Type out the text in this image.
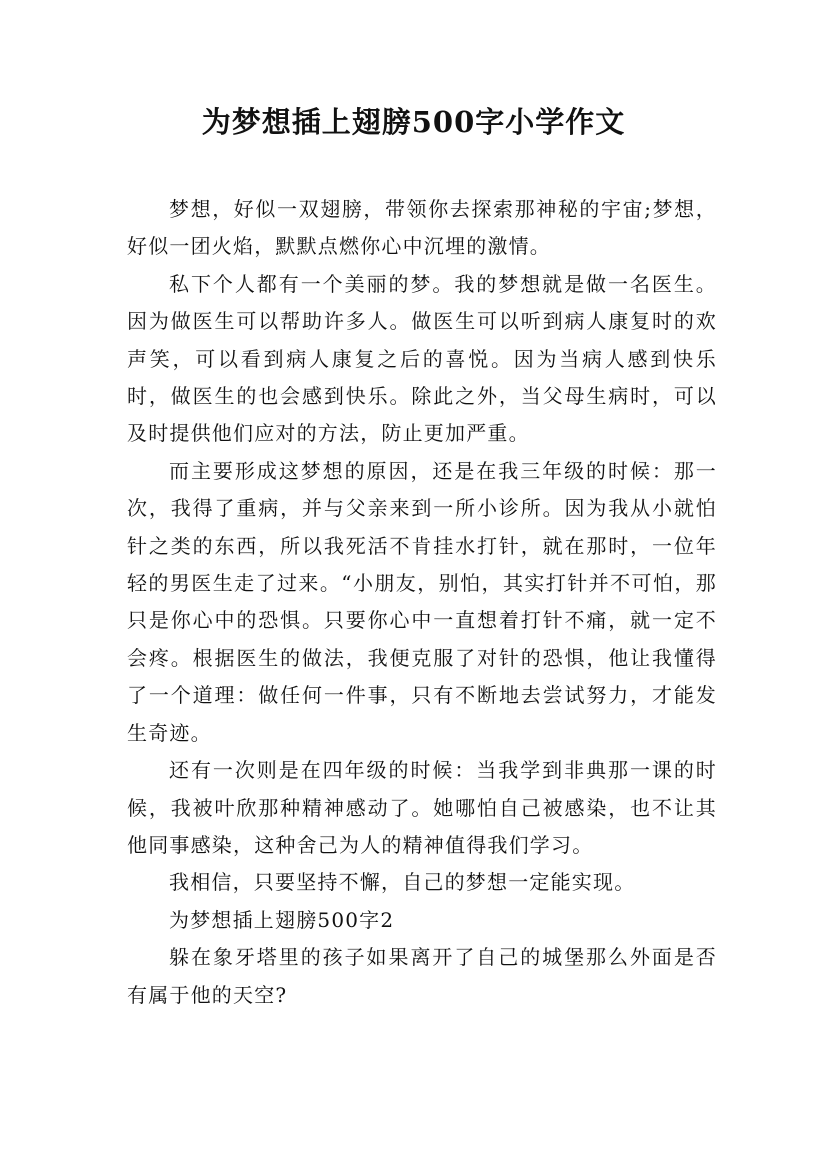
为梦想插上翅膀500字小学作文

梦想，好似一双翅膀，带领你去探索那神秘的宇宙;梦想，好似一团火焰，默默点燃你心中沉埋的激情。

私下个人都有一个美丽的梦。我的梦想就是做一名医生。因为做医生可以帮助许多人。做医生可以听到病人康复时的欢声笑，可以看到病人康复之后的喜悦。因为当病人感到快乐时，做医生的也会感到快乐。除此之外，当父母生病时，可以及时提供他们应对的方法，防止更加严重。

而主要形成这梦想的原因，还是在我三年级的时候：那一次，我得了重病，并与父亲来到一所小诊所。因为我从小就怕针之类的东西，所以我死活不肯挂水打针，就在那时，一位年轻的男医生走了过来。“小朋友，别怕，其实打针并不可怕，那只是你心中的恐惧。只要你心中一直想着打针不痛，就一定不会疼。根据医生的做法，我便克服了对针的恐惧，他让我懂得了一个道理：做任何一件事，只有不断地去尝试努力，才能发生奇迹。

还有一次则是在四年级的时候：当我学到非典那一课的时候，我被叶欣那种精神感动了。她哪怕自己被感染，也不让其他同事感染，这种舍己为人的精神值得我们学习。

我相信，只要坚持不懈，自己的梦想一定能实现。

为梦想插上翅膀500字2

躲在象牙塔里的孩子如果离开了自己的城堡那么外面是否有属于他的天空?
